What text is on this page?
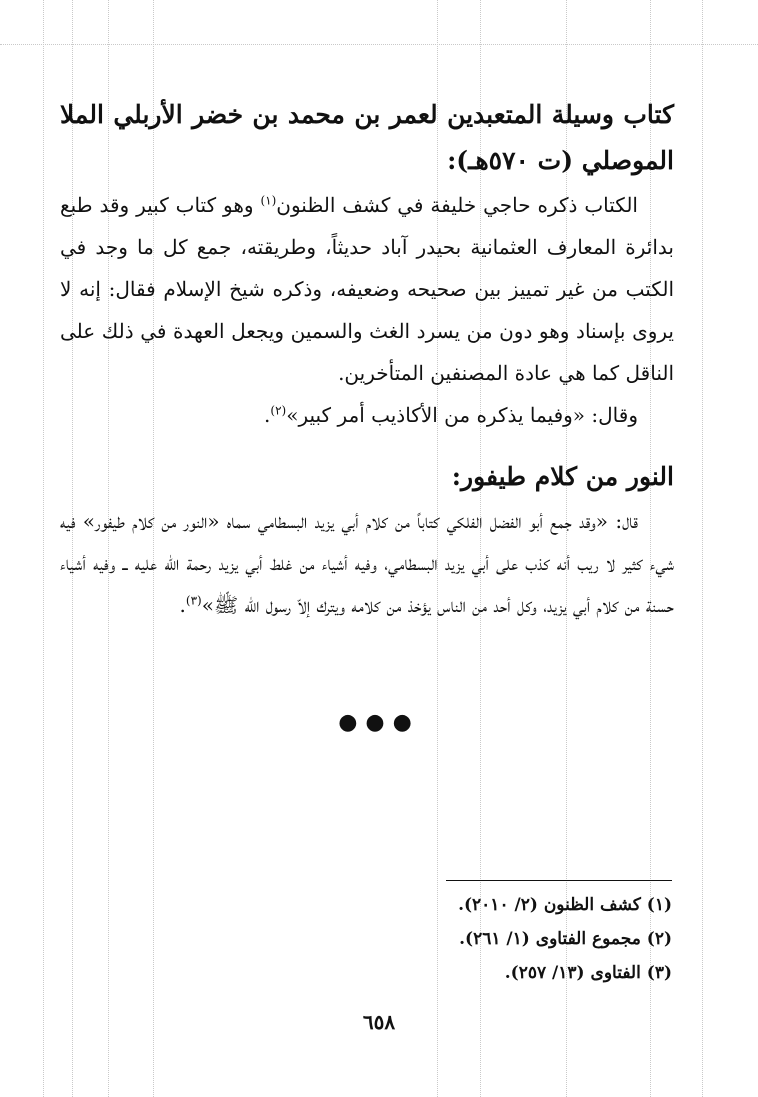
كتاب وسيلة المتعبدين لعمر بن محمد بن خضر الأربلي الملا الموصلي (ت ٥٧٠هـ):

الكتاب ذكره حاجي خليفة في كشف الظنون$^{(١)}$ وهو كتاب كبير وقد طبع بدائرة المعارف العثمانية بحيدر آباد حديثاً، وطريقته، جمع كل ما وجد في الكتب من غير تمييز بين صحيحه وضعيفه، وذكره شيخ الإسلام فقال: إنه لا يروى بإسناد وهو دون من يسرد الغث والسمين ويجعل العهدة في ذلك على الناقل كما هي عادة المصنفين المتأخرين.

وقال: «وفيما يذكره من الأكاذيب أمر كبير»$^{(٢)}$.

النور من كلام طيفور:

قال: «وقد جمع أبو الفضل الفلكي كتاباً من كلام أبي يزيد البسطامي سماه «النور من كلام طيفور» فيه شيء كثير لا ريب أنه كذب على أبي يزيد البسطامي، وفيه أشياء من غلط أبي يزيد رحمة الله عليه ــ وفيه أشياء حسنة من كلام أبي يزيد، وكل أحد من الناس يؤخذ من كلامه ويترك إلاّ رسول الله ﷺ»$^{(٣)}$.

●●●
(١) كشف الظنون (٢/ ٢٠١٠).
(٢) مجموع الفتاوى (١/ ٢٦١).
(٣) الفتاوى (١٣/ ٢٥٧).
٦٥٨
